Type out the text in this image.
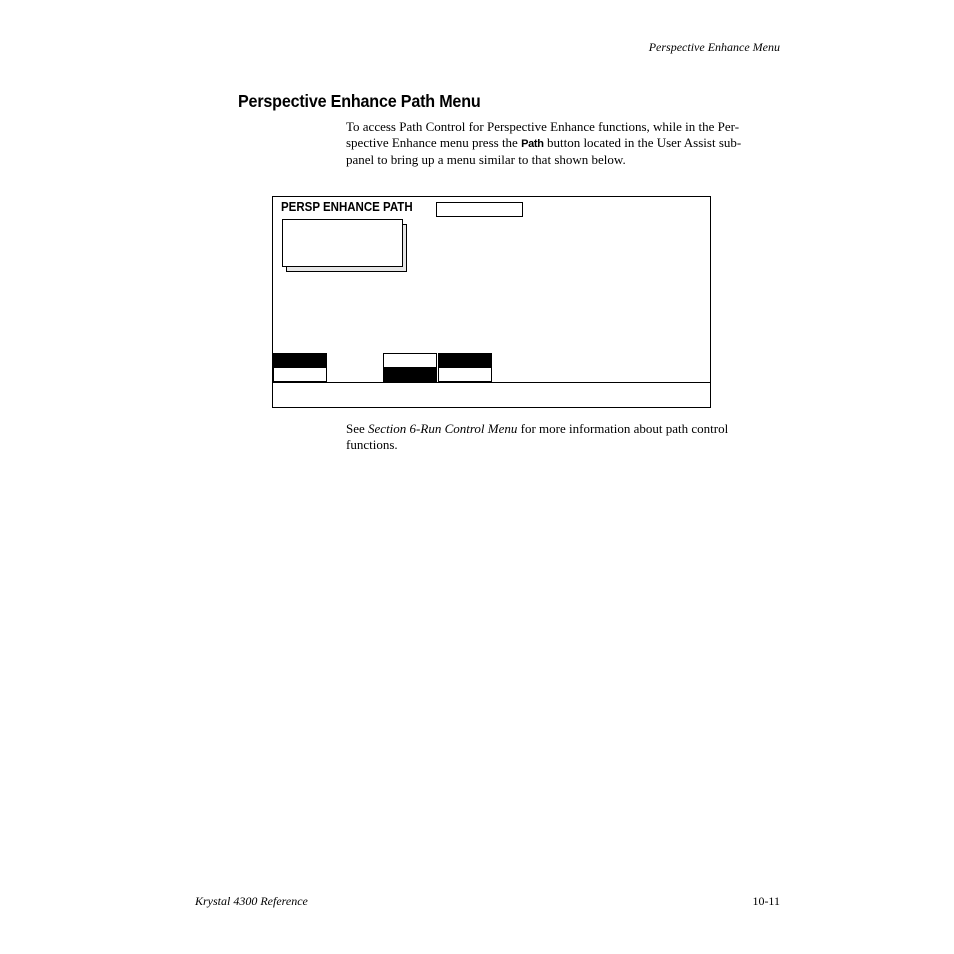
Perspective Enhance Menu
Perspective Enhance Path Menu
To access Path Control for Perspective Enhance functions, while in the Per-
spective Enhance menu press the Path button located in the User Assist sub-
panel to bring up a menu similar to that shown below.
PERSP ENHANCE PATH
See Section 6-Run Control Menu for more information about path control
functions.
Krystal 4300 Reference	10-11
